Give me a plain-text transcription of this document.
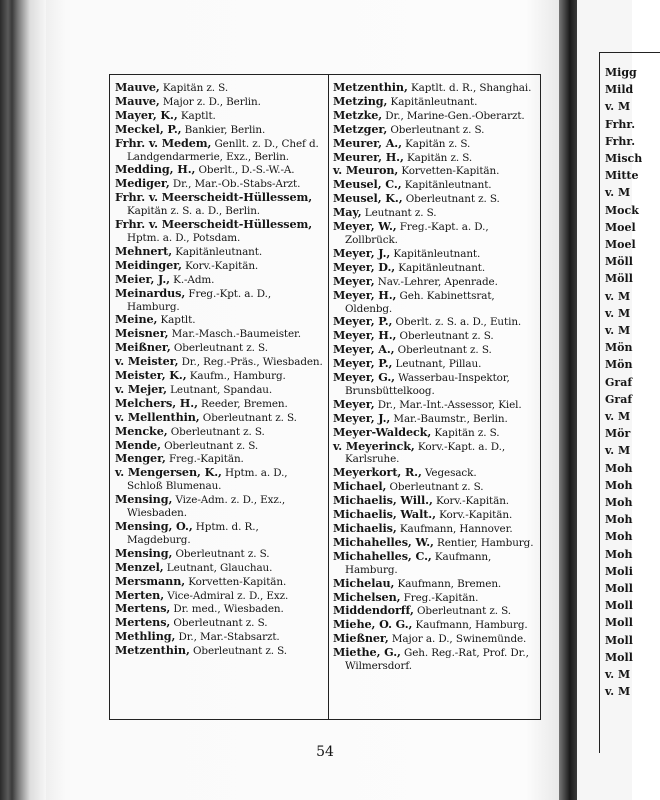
Migg
Mild
v. M
Frhr.
Frhr.
Misch
Mitte
v. M
Mock
Moel
Moel
Möll
Möll
v. M
v. M
v. M
Mön
Mön
Graf
Graf
v. M
Mör
v. M
Moh
Moh
Moh
Moh
Moh
Moh
Moli
Moll
Moll
Moll
Moll
Moll
v. M
v. M
Mauve, Kapitän z. S.
Mauve, Major z. D., Berlin.
Mayer, K., Kaptlt.
Meckel, P., Bankier, Berlin.
Frhr. v. Medem, Genllt. z. D., Chef d. Landgendarmerie, Exz., Berlin.
Medding, H., Oberlt., D.-S.-W.-A.
Mediger, Dr., Mar.-Ob.-Stabs-Arzt.
Frhr. v. Meerscheidt-Hüllessem, Kapitän z. S. a. D., Berlin.
Frhr. v. Meerscheidt-Hüllessem, Hptm. a. D., Potsdam.
Mehnert, Kapitänleutnant.
Meidinger, Korv.-Kapitän.
Meier, J., K.-Adm.
Meinardus, Freg.-Kpt. a. D., Hamburg.
Meine, Kaptlt.
Meisner, Mar.-Masch.-Baumeister.
Meißner, Oberleutnant z. S.
v. Meister, Dr., Reg.-Präs., Wiesbaden.
Meister, K., Kaufm., Hamburg.
v. Mejer, Leutnant, Spandau.
Melchers, H., Reeder, Bremen.
v. Mellenthin, Oberleutnant z. S.
Mencke, Oberleutnant z. S.
Mende, Oberleutnant z. S.
Menger, Freg.-Kapitän.
v. Mengersen, K., Hptm. a. D., Schloß Blumenau.
Mensing, Vize-Adm. z. D., Exz., Wiesbaden.
Mensing, O., Hptm. d. R., Magdeburg.
Mensing, Oberleutnant z. S.
Menzel, Leutnant, Glauchau.
Mersmann, Korvetten-Kapitän.
Merten, Vice-Admiral z. D., Exz.
Mertens, Dr. med., Wiesbaden.
Mertens, Oberleutnant z. S.
Methling, Dr., Mar.-Stabsarzt.
Metzenthin, Oberleutnant z. S.
Metzenthin, Kaptlt. d. R., Shanghai.
Metzing, Kapitänleutnant.
Metzke, Dr., Marine-Gen.-Oberarzt.
Metzger, Oberleutnant z. S.
Meurer, A., Kapitän z. S.
Meurer, H., Kapitän z. S.
v. Meuron, Korvetten-Kapitän.
Meusel, C., Kapitänleutnant.
Meusel, K., Oberleutnant z. S.
May, Leutnant z. S.
Meyer, W., Freg.-Kapt. a. D., Zollbrück.
Meyer, J., Kapitänleutnant.
Meyer, D., Kapitänleutnant.
Meyer, Nav.-Lehrer, Apenrade.
Meyer, H., Geh. Kabinettsrat, Oldenbg.
Meyer, P., Oberlt. z. S. a. D., Eutin.
Meyer, H., Oberleutnant z. S.
Meyer, A., Oberleutnant z. S.
Meyer, P., Leutnant, Pillau.
Meyer, G., Wasserbau-Inspektor, Brunsbüttelkoog.
Meyer, Dr., Mar.-Int.-Assessor, Kiel.
Meyer, J., Mar.-Baumstr., Berlin.
Meyer-Waldeck, Kapitän z. S.
v. Meyerinck, Korv.-Kapt. a. D., Karlsruhe.
Meyerkort, R., Vegesack.
Michael, Oberleutnant z. S.
Michaelis, Will., Korv.-Kapitän.
Michaelis, Walt., Korv.-Kapitän.
Michaelis, Kaufmann, Hannover.
Michahelles, W., Rentier, Hamburg.
Michahelles, C., Kaufmann, Hamburg.
Michelau, Kaufmann, Bremen.
Michelsen, Freg.-Kapitän.
Middendorff, Oberleutnant z. S.
Miehe, O. G., Kaufmann, Hamburg.
Mießner, Major a. D., Swinemünde.
Miethe, G., Geh. Reg.-Rat, Prof. Dr., Wilmersdorf.
54
